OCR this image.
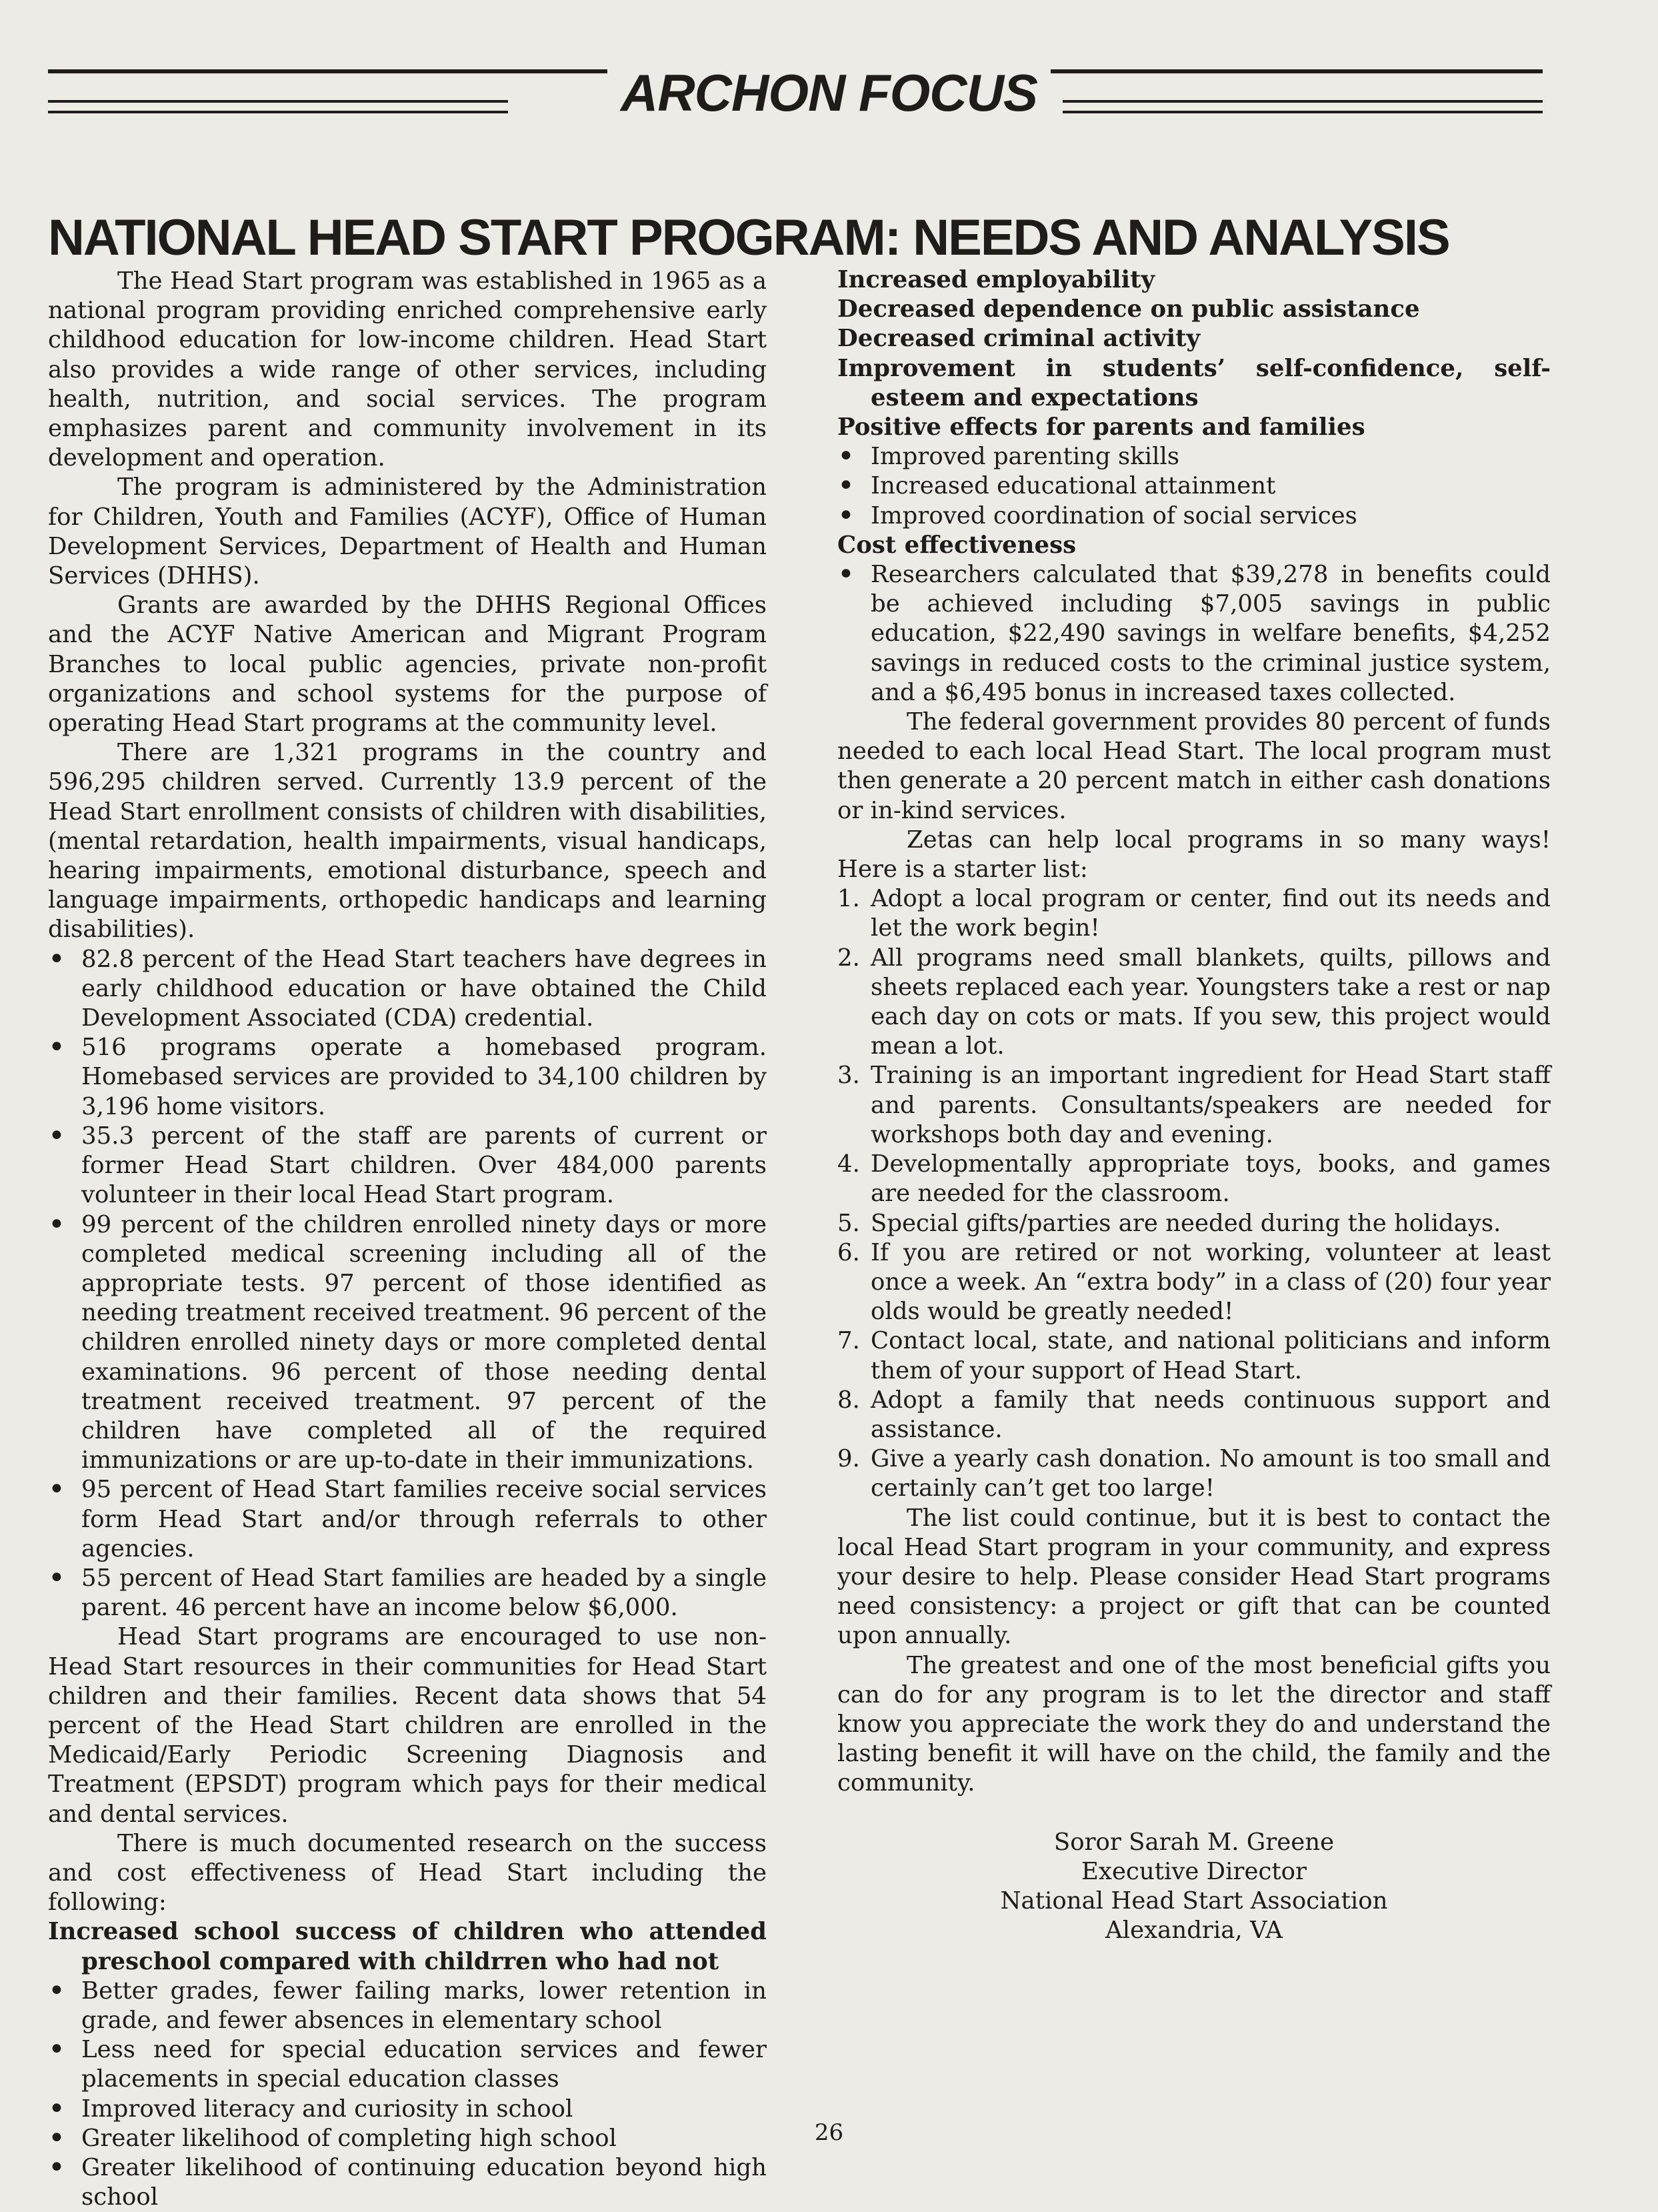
ARCHON FOCUS
NATIONAL HEAD START PROGRAM: NEEDS AND ANALYSIS

The Head Start program was established in 1965 as a national program providing enriched comprehensive early childhood education for low-income children. Head Start also provides a wide range of other services, including health, nutrition, and social services. The program emphasizes parent and community involvement in its development and operation.

The program is administered by the Administration for Children, Youth and Families (ACYF), Office of Human Development Services, Department of Health and Human Services (DHHS).

Grants are awarded by the DHHS Regional Offices and the ACYF Native American and Migrant Program Branches to local public agencies, private non-profit organizations and school systems for the purpose of operating Head Start programs at the community level.

There are 1,321 programs in the country and 596,295 children served. Currently 13.9 percent of the Head Start enrollment consists of children with disabilities, (mental retardation, health impairments, visual handicaps, hearing impairments, emotional disturbance, speech and language impairments, orthopedic handicaps and learning disabilities).

• 82.8 percent of the Head Start teachers have degrees in early childhood education or have obtained the Child Development Associated (CDA) credential.
• 516 programs operate a homebased program. Homebased services are provided to 34,100 children by 3,196 home visitors.
• 35.3 percent of the staff are parents of current or former Head Start children. Over 484,000 parents volunteer in their local Head Start program.
• 99 percent of the children enrolled ninety days or more completed medical screening including all of the appropriate tests. 97 percent of those identified as needing treatment received treatment. 96 percent of the children enrolled ninety days or more completed dental examinations. 96 percent of those needing dental treatment received treatment. 97 percent of the children have completed all of the required immunizations or are up-to-date in their immunizations.
• 95 percent of Head Start families receive social services form Head Start and/or through referrals to other agencies.
• 55 percent of Head Start families are headed by a single parent. 46 percent have an income below $6,000.

Head Start programs are encouraged to use non-Head Start resources in their communities for Head Start children and their families. Recent data shows that 54 percent of the Head Start children are enrolled in the Medicaid/Early Periodic Screening Diagnosis and Treatment (EPSDT) program which pays for their medical and dental services.

There is much documented research on the success and cost effectiveness of Head Start including the following:

Increased school success of children who attended preschool compared with childrren who had not

• Better grades, fewer failing marks, lower retention in grade, and fewer absences in elementary school
• Less need for special education services and fewer placements in special education classes
• Improved literacy and curiosity in school
• Greater likelihood of completing high school
• Greater likelihood of continuing education beyond high school

Increased employability

Decreased dependence on public assistance

Decreased criminal activity

Improvement in students’ self-confidence, self-esteem and expectations

Positive effects for parents and families

• Improved parenting skills
• Increased educational attainment
• Improved coordination of social services

Cost effectiveness

• Researchers calculated that $39,278 in benefits could be achieved including $7,005 savings in public education, $22,490 savings in welfare benefits, $4,252 savings in reduced costs to the criminal justice system, and a $6,495 bonus in increased taxes collected.

The federal government provides 80 percent of funds needed to each local Head Start. The local program must then generate a 20 percent match in either cash donations or in-kind services.

Zetas can help local programs in so many ways! Here is a starter list:

1. Adopt a local program or center, find out its needs and let the work begin!
2. All programs need small blankets, quilts, pillows and sheets replaced each year. Youngsters take a rest or nap each day on cots or mats. If you sew, this project would mean a lot.
3. Training is an important ingredient for Head Start staff and parents. Consultants/speakers are needed for workshops both day and evening.
4. Developmentally appropriate toys, books, and games are needed for the classroom.
5. Special gifts/parties are needed during the holidays.
6. If you are retired or not working, volunteer at least once a week. An “extra body” in a class of (20) four year olds would be greatly needed!
7. Contact local, state, and national politicians and inform them of your support of Head Start.
8. Adopt a family that needs continuous support and assistance.
9. Give a yearly cash donation. No amount is too small and certainly can’t get too large!

The list could continue, but it is best to contact the local Head Start program in your community, and express your desire to help. Please consider Head Start programs need consistency: a project or gift that can be counted upon annually.

The greatest and one of the most beneficial gifts you can do for any program is to let the director and staff know you appreciate the work they do and understand the lasting benefit it will have on the child, the family and the community.

Soror Sarah M. Greene
Executive Director
National Head Start Association
Alexandria, VA
26
